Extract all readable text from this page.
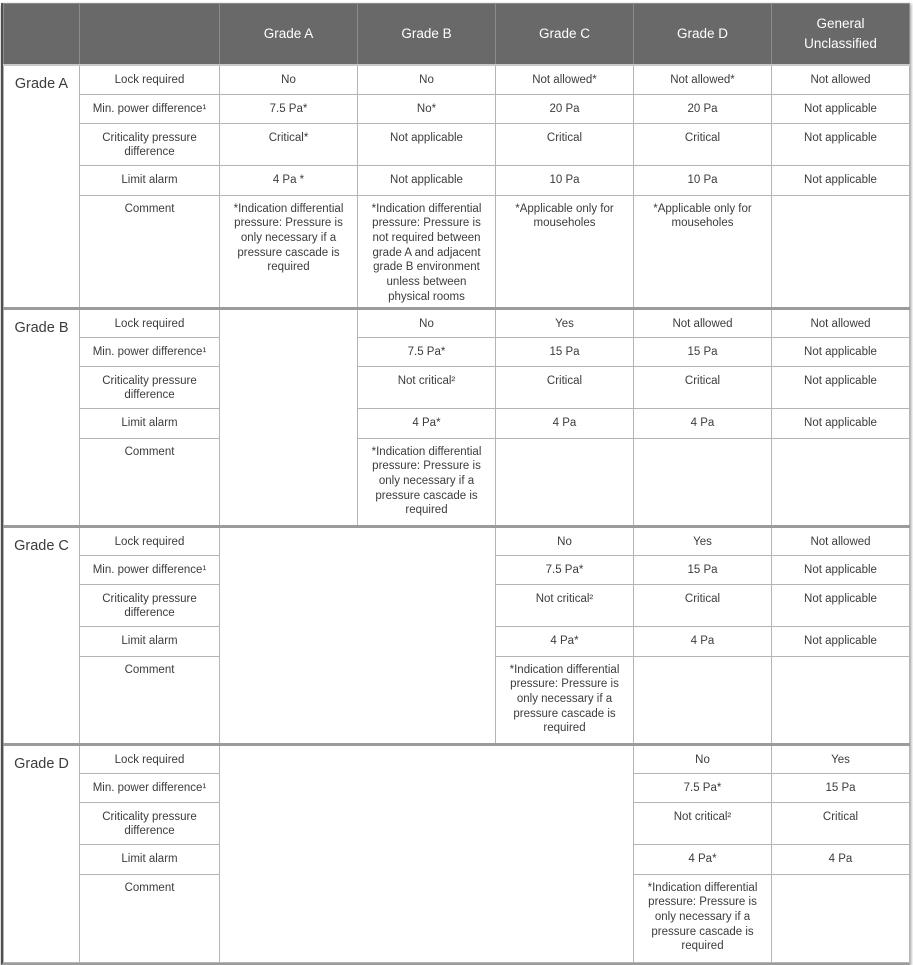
		Grade A	Grade B	Grade C	Grade D	General Unclassified
Grade A	Lock required	No	No	Not allowed*	Not allowed*	Not allowed
	Min. power difference¹	7.5 Pa*	No*	20 Pa	20 Pa	Not applicable
	Criticality pressure difference	Critical*	Not applicable	Critical	Critical	Not applicable
	Limit alarm	4 Pa *	Not applicable	10 Pa	10 Pa	Not applicable
	Comment	*Indication differential pressure: Pressure is only necessary if a pressure cascade is required	*Indication differential pressure: Pressure is not required between grade A and adjacent grade B environment unless between physical rooms	*Applicable only for mouseholes	*Applicable only for mouseholes	
Grade B	Lock required		No	Yes	Not allowed	Not allowed
	Min. power difference¹		7.5 Pa*	15 Pa	15 Pa	Not applicable
	Criticality pressure difference		Not critical²	Critical	Critical	Not applicable
	Limit alarm		4 Pa*	4 Pa	4 Pa	Not applicable
	Comment		*Indication differential pressure: Pressure is only necessary if a pressure cascade is required			
Grade C	Lock required			No	Yes	Not allowed
	Min. power difference¹			7.5 Pa*	15 Pa	Not applicable
	Criticality pressure difference			Not critical²	Critical	Not applicable
	Limit alarm			4 Pa*	4 Pa	Not applicable
	Comment			*Indication differential pressure: Pressure is only necessary if a pressure cascade is required		
Grade D	Lock required				No	Yes
	Min. power difference¹				7.5 Pa*	15 Pa
	Criticality pressure difference				Not critical²	Critical
	Limit alarm				4 Pa*	4 Pa
	Comment				*Indication differential pressure: Pressure is only necessary if a pressure cascade is required	
